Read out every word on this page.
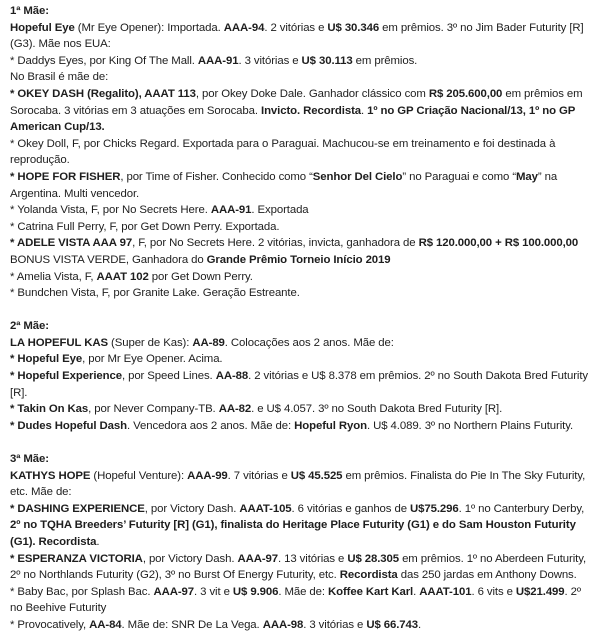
1ª Mãe:
Hopeful Eye (Mr Eye Opener): Importada. AAA-94. 2 vitórias e U$ 30.346 em prêmios. 3º no Jim Bader Futurity [R] (G3). Mãe nos EUA:
* Daddys Eyes, por King Of The Mall. AAA-91. 3 vitórias e U$ 30.113 em prêmios.
No Brasil é mãe de:
* OKEY DASH (Regalito), AAAT 113, por Okey Doke Dale. Ganhador clássico com R$ 205.600,00 em prêmios em Sorocaba. 3 vitórias em 3 atuações em Sorocaba. Invicto. Recordista. 1º no GP Criação Nacional/13, 1º no GP American Cup/13.
* Okey Doll, F, por Chicks Regard. Exportada para o Paraguai. Machucou-se em treinamento e foi destinada à reprodução.
* HOPE FOR FISHER, por Time of Fisher. Conhecido como “Senhor Del Cielo” no Paraguai e como “May” na Argentina. Multi vencedor.
* Yolanda Vista, F, por No Secrets Here. AAA-91. Exportada
* Catrina Full Perry, F, por Get Down Perry. Exportada.
* ADELE VISTA AAA 97, F, por No Secrets Here. 2 vitórias, invicta, ganhadora de R$ 120.000,00 + R$ 100.000,00 BONUS VISTA VERDE, Ganhadora do Grande Prêmio Torneio Início 2019
* Amelia Vista, F, AAAT 102 por Get Down Perry.
* Bundchen Vista, F, por Granite Lake. Geração Estreante.
2ª Mãe:
LA HOPEFUL KAS (Super de Kas): AA-89. Colocações aos 2 anos. Mãe de:
* Hopeful Eye, por Mr Eye Opener. Acima.
* Hopeful Experience, por Speed Lines. AA-88. 2 vitórias e U$ 8.378 em prêmios. 2º no South Dakota Bred Futurity [R].
* Takin On Kas, por Never Company-TB. AA-82. e U$ 4.057. 3º no South Dakota Bred Futurity [R].
* Dudes Hopeful Dash. Vencedora aos 2 anos. Mãe de: Hopeful Ryon. U$ 4.089. 3º no Northern Plains Futurity.
3ª Mãe:
KATHYS HOPE (Hopeful Venture): AAA-99. 7 vitórias e U$ 45.525 em prêmios. Finalista do Pie In The Sky Futurity, etc. Mãe de:
* DASHING EXPERIENCE, por Victory Dash. AAAT-105. 6 vitórias e ganhos de U$75.296. 1º no Canterbury Derby, 2º no TQHA Breeders’ Futurity [R] (G1), finalista do Heritage Place Futurity (G1) e do Sam Houston Futurity (G1). Recordista.
* ESPERANZA VICTORIA, por Victory Dash. AAA-97. 13 vitórias e U$ 28.305 em prêmios. 1º no Aberdeen Futurity, 2º no Northlands Futurity (G2), 3º no Burst Of Energy Futurity, etc. Recordista das 250 jardas em Anthony Downs.
* Baby Bac, por Splash Bac. AAA-97. 3 vit e U$ 9.906. Mãe de: Koffee Kart Karl. AAAT-101. 6 vits e U$21.499. 2º no Beehive Futurity
* Provocatively, AA-84. Mãe de: SNR De La Vega. AAA-98. 3 vitórias e U$ 66.743.
